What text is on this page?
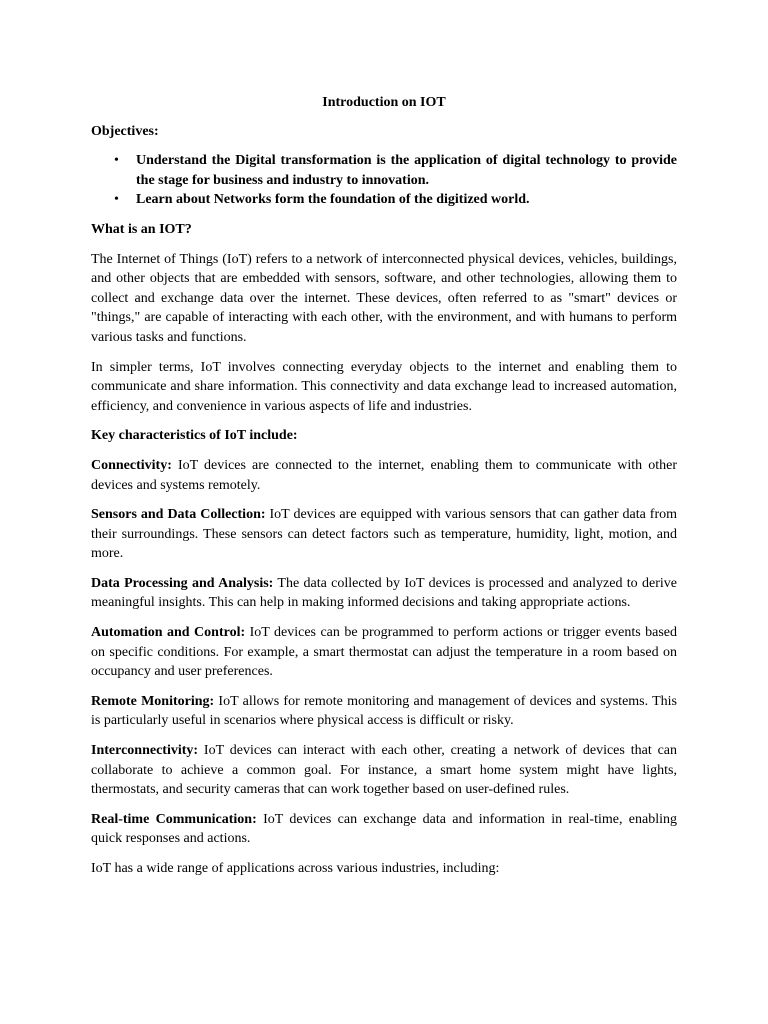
Introduction on IOT

Objectives:

• Understand the Digital transformation is the application of digital technology to provide the stage for business and industry to innovation.
• Learn about Networks form the foundation of the digitized world.

What is an IOT?

The Internet of Things (IoT) refers to a network of interconnected physical devices, vehicles, buildings, and other objects that are embedded with sensors, software, and other technologies, allowing them to collect and exchange data over the internet. These devices, often referred to as "smart" devices or "things," are capable of interacting with each other, with the environment, and with humans to perform various tasks and functions.

In simpler terms, IoT involves connecting everyday objects to the internet and enabling them to communicate and share information. This connectivity and data exchange lead to increased automation, efficiency, and convenience in various aspects of life and industries.

Key characteristics of IoT include:

Connectivity: IoT devices are connected to the internet, enabling them to communicate with other devices and systems remotely.

Sensors and Data Collection: IoT devices are equipped with various sensors that can gather data from their surroundings. These sensors can detect factors such as temperature, humidity, light, motion, and more.

Data Processing and Analysis: The data collected by IoT devices is processed and analyzed to derive meaningful insights. This can help in making informed decisions and taking appropriate actions.

Automation and Control: IoT devices can be programmed to perform actions or trigger events based on specific conditions. For example, a smart thermostat can adjust the temperature in a room based on occupancy and user preferences.

Remote Monitoring: IoT allows for remote monitoring and management of devices and systems. This is particularly useful in scenarios where physical access is difficult or risky.

Interconnectivity: IoT devices can interact with each other, creating a network of devices that can collaborate to achieve a common goal. For instance, a smart home system might have lights, thermostats, and security cameras that can work together based on user-defined rules.

Real-time Communication: IoT devices can exchange data and information in real-time, enabling quick responses and actions.

IoT has a wide range of applications across various industries, including:
